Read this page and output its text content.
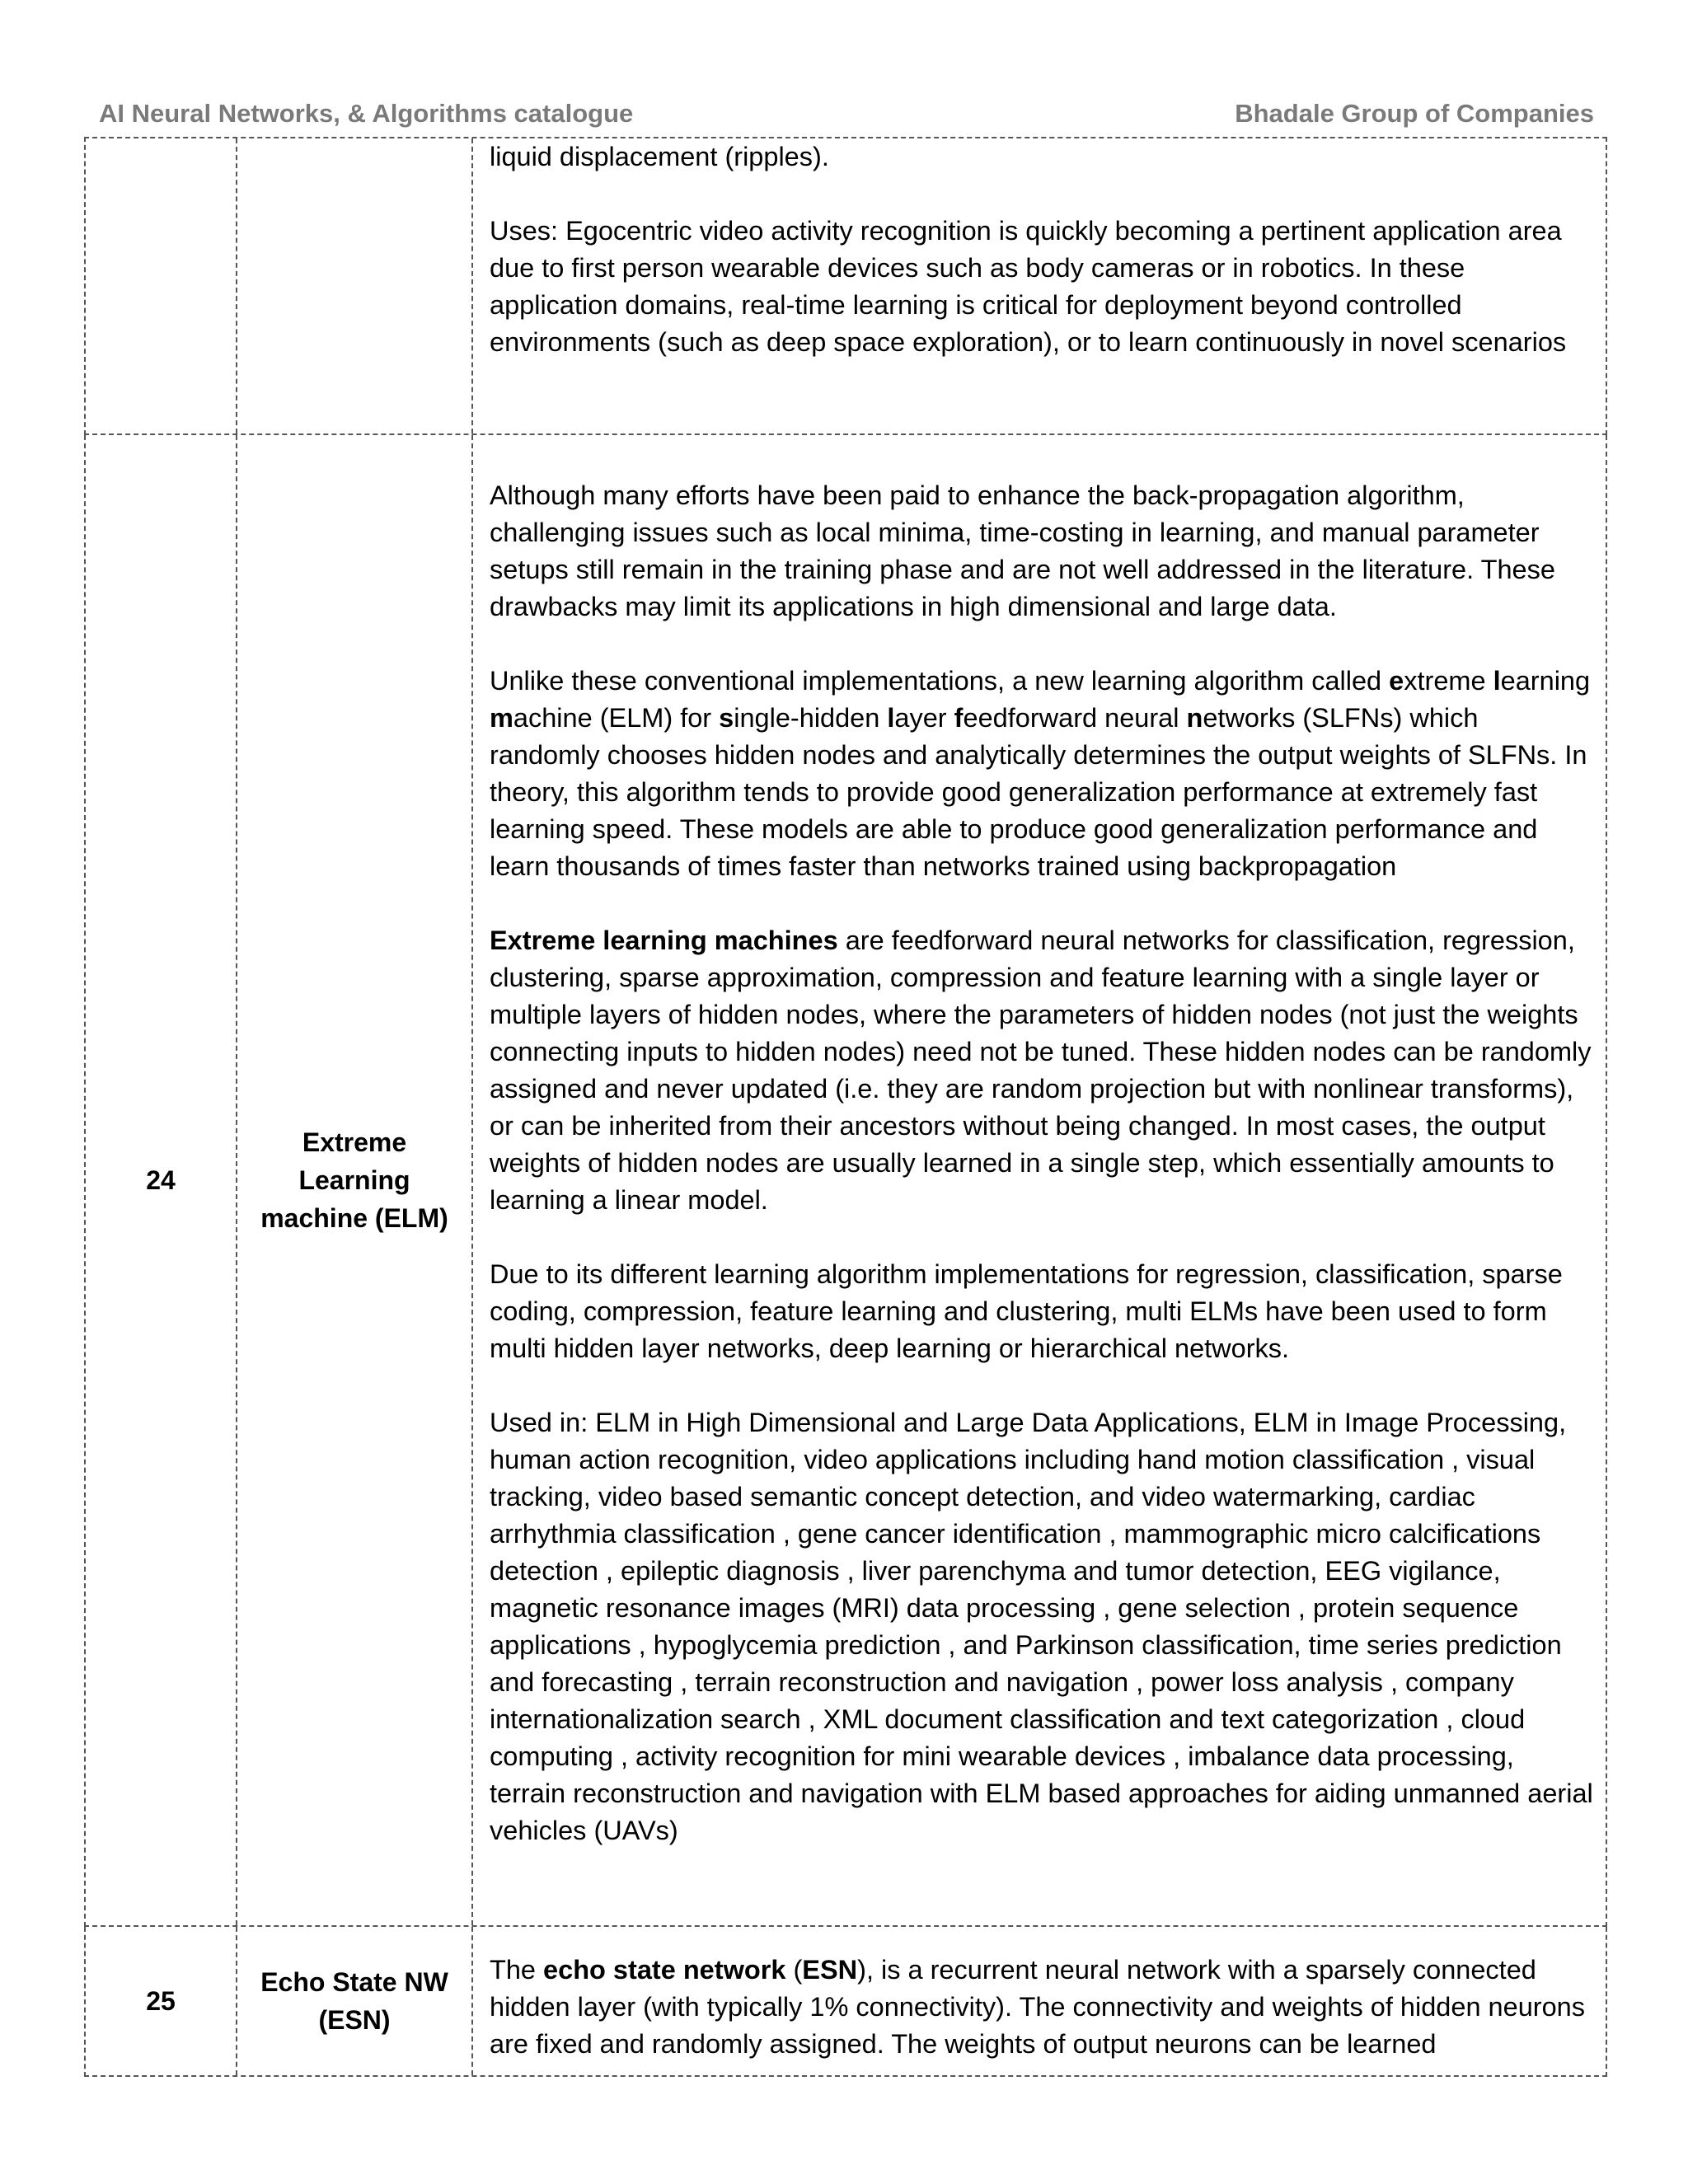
AI Neural Networks, & Algorithms catalogue	Bhadale Group of Companies

liquid displacement (ripples).

Uses: Egocentric video activity recognition is quickly becoming a pertinent application area due to first person wearable devices such as body cameras or in robotics. In these application domains, real-time learning is critical for deployment beyond controlled environments (such as deep space exploration), or to learn continuously in novel scenarios

24
Extreme Learning machine (ELM)

Although many efforts have been paid to enhance the back-propagation algorithm, challenging issues such as local minima, time-costing in learning, and manual parameter setups still remain in the training phase and are not well addressed in the literature. These drawbacks may limit its applications in high dimensional and large data.

Unlike these conventional implementations, a new learning algorithm called extreme learning machine (ELM) for single-hidden layer feedforward neural networks (SLFNs) which randomly chooses hidden nodes and analytically determines the output weights of SLFNs. In theory, this algorithm tends to provide good generalization performance at extremely fast learning speed. These models are able to produce good generalization performance and learn thousands of times faster than networks trained using backpropagation

Extreme learning machines are feedforward neural networks for classification, regression, clustering, sparse approximation, compression and feature learning with a single layer or multiple layers of hidden nodes, where the parameters of hidden nodes (not just the weights connecting inputs to hidden nodes) need not be tuned. These hidden nodes can be randomly assigned and never updated (i.e. they are random projection but with nonlinear transforms), or can be inherited from their ancestors without being changed. In most cases, the output weights of hidden nodes are usually learned in a single step, which essentially amounts to learning a linear model.

Due to its different learning algorithm implementations for regression, classification, sparse coding, compression, feature learning and clustering, multi ELMs have been used to form multi hidden layer networks, deep learning or hierarchical networks.

Used in: ELM in High Dimensional and Large Data Applications, ELM in Image Processing, human action recognition, video applications including hand motion classification , visual tracking, video based semantic concept detection, and video watermarking, cardiac arrhythmia classification , gene cancer identification , mammographic micro calcifications detection , epileptic diagnosis , liver parenchyma and tumor detection, EEG vigilance, magnetic resonance images (MRI) data processing , gene selection , protein sequence applications , hypoglycemia prediction , and Parkinson classification, time series prediction and forecasting , terrain reconstruction and navigation , power loss analysis , company internationalization search , XML document classification and text categorization , cloud computing , activity recognition for mini wearable devices , imbalance data processing, terrain reconstruction and navigation with ELM based approaches for aiding unmanned aerial vehicles (UAVs)

25
Echo State NW (ESN)

The echo state network (ESN), is a recurrent neural network with a sparsely connected hidden layer (with typically 1% connectivity). The connectivity and weights of hidden neurons are fixed and randomly assigned. The weights of output neurons can be learned
